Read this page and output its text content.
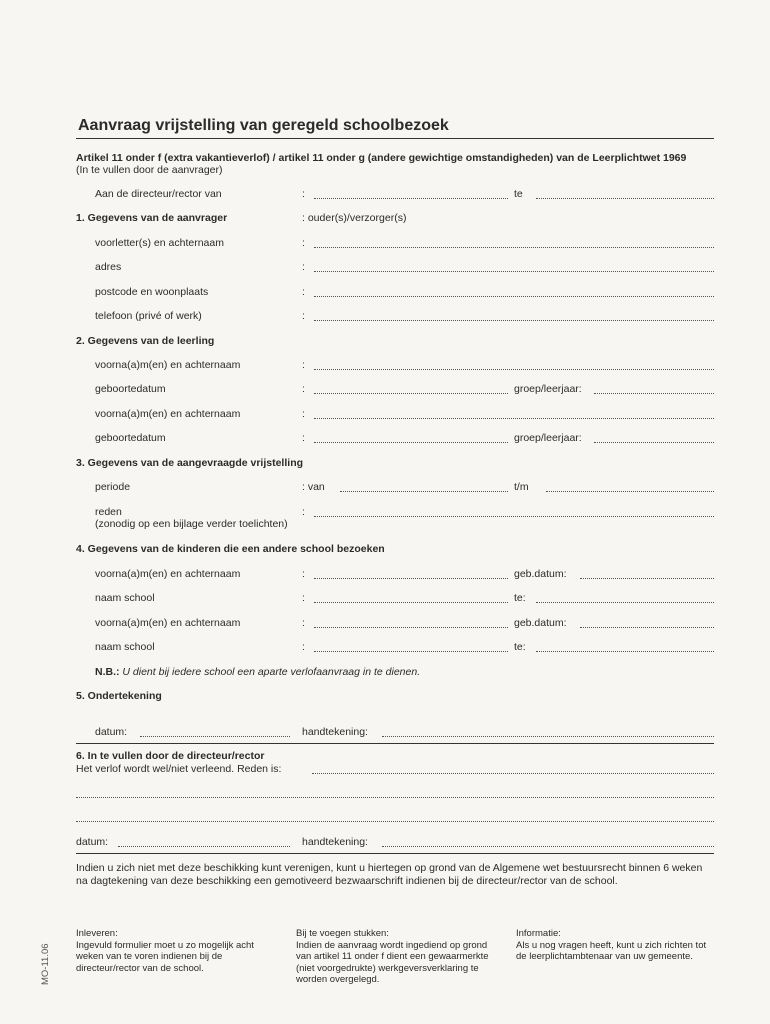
Aanvraag vrijstelling van geregeld schoolbezoek
Artikel 11 onder f (extra vakantieverlof) / artikel 11 onder g (andere gewichtige omstandigheden) van de Leerplichtwet 1969
(In te vullen door de aanvrager)
Aan de directeur/rector van	:	te
1. Gegevens van de aanvrager	: ouder(s)/verzorger(s)
voorletter(s) en achternaam	:
adres	:
postcode en woonplaats	:
telefoon (privé of werk)	:
2. Gegevens van de leerling
voorna(a)m(en) en achternaam	:
geboortedatum	:	groep/leerjaar:
voorna(a)m(en) en achternaam	:
geboortedatum	:	groep/leerjaar:
3. Gegevens van de aangevraagde vrijstelling
periode	: van	t/m
reden	:
(zonodig op een bijlage verder toelichten)
4. Gegevens van de kinderen die een andere school bezoeken
voorna(a)m(en) en achternaam	:	geb.datum:
naam school	:	te:
voorna(a)m(en) en achternaam	:	geb.datum:
naam school	:	te:
N.B.: U dient bij iedere school een aparte verlofaanvraag in te dienen.
5. Ondertekening
datum:	handtekening:
6. In te vullen door de directeur/rector
Het verlof wordt wel/niet verleend. Reden is:
datum:	handtekening:
Indien u zich niet met deze beschikking kunt verenigen, kunt u hiertegen op grond van de Algemene wet bestuursrecht binnen 6 weken na dagtekening van deze beschikking een gemotiveerd bezwaarschrift indienen bij de directeur/rector van de school.
Inleveren:
Ingevuld formulier moet u zo mogelijk acht weken van te voren indienen bij de directeur/rector van de school.
Bij te voegen stukken:
Indien de aanvraag wordt ingediend op grond van artikel 11 onder f dient een gewaarmerkte (niet voorgedrukte) werkgeversverklaring te worden overgelegd.
Informatie:
Als u nog vragen heeft, kunt u zich richten tot de leerplichtambtenaar van uw gemeente.
MO-11.06
